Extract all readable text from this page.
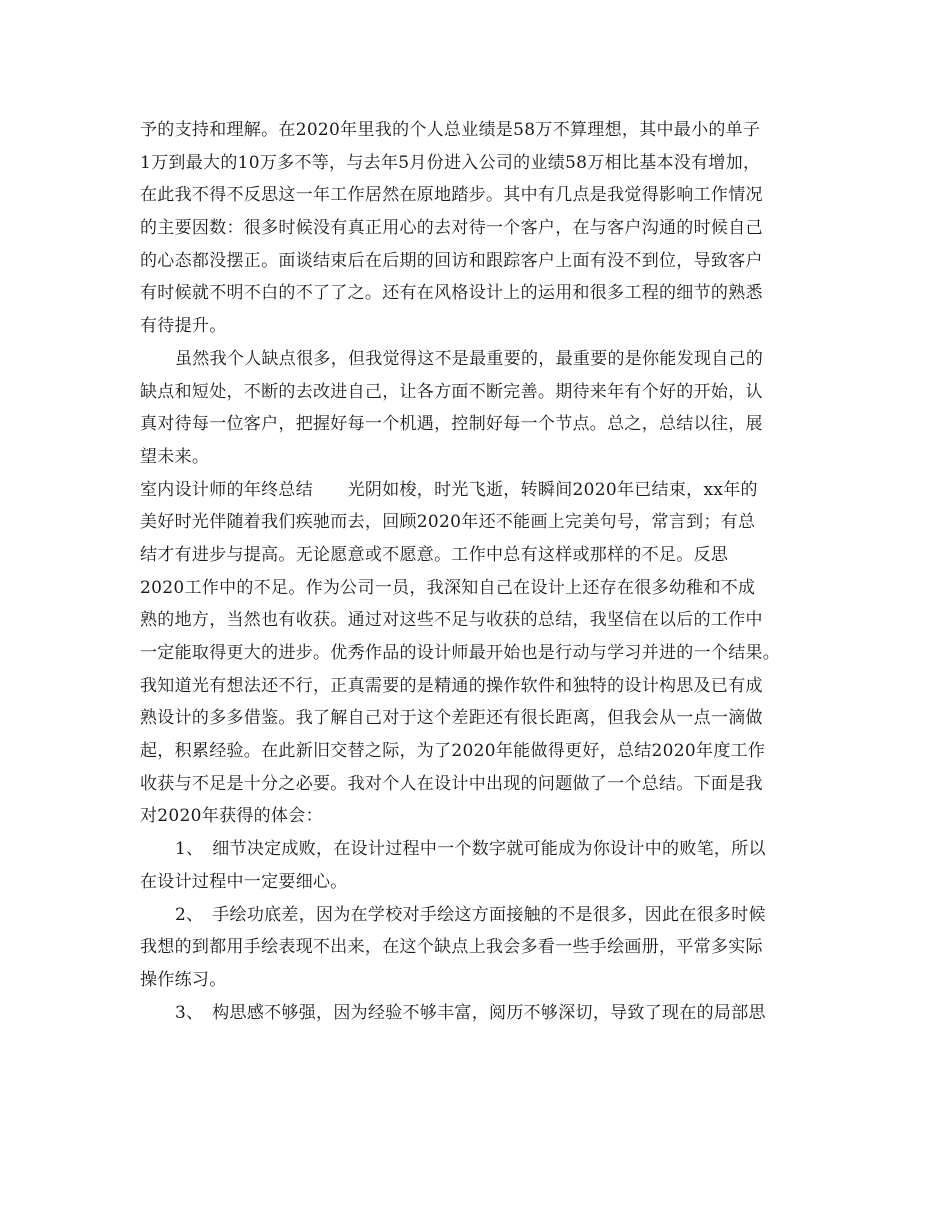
予的支持和理解。在2020年里我的个人总业绩是58万不算理想，其中最小的单子
1万到最大的10万多不等，与去年5月份进入公司的业绩58万相比基本没有增加，
在此我不得不反思这一年工作居然在原地踏步。其中有几点是我觉得影响工作情况
的主要因数：很多时候没有真正用心的去对待一个客户，在与客户沟通的时候自己
的心态都没摆正。面谈结束后在后期的回访和跟踪客户上面有没不到位，导致客户
有时候就不明不白的不了了之。还有在风格设计上的运用和很多工程的细节的熟悉
有待提升。
虽然我个人缺点很多，但我觉得这不是最重要的，最重要的是你能发现自己的
缺点和短处，不断的去改进自己，让各方面不断完善。期待来年有个好的开始，认
真对待每一位客户，把握好每一个机遇，控制好每一个节点。总之，总结以往，展
望未来。
室内设计师的年终总结　　光阴如梭，时光飞逝，转瞬间2020年已结束，xx年的
美好时光伴随着我们疾驰而去，回顾2020年还不能画上完美句号，常言到；有总
结才有进步与提高。无论愿意或不愿意。工作中总有这样或那样的不足。反思
2020工作中的不足。作为公司一员，我深知自己在设计上还存在很多幼稚和不成
熟的地方，当然也有收获。通过对这些不足与收获的总结，我坚信在以后的工作中
一定能取得更大的进步。优秀作品的设计师最开始也是行动与学习并进的一个结果。
我知道光有想法还不行，正真需要的是精通的操作软件和独特的设计构思及已有成
熟设计的多多借鉴。我了解自己对于这个差距还有很长距离，但我会从一点一滴做
起，积累经验。在此新旧交替之际，为了2020年能做得更好，总结2020年度工作
收获与不足是十分之必要。我对个人在设计中出现的问题做了一个总结。下面是我
对2020年获得的体会：
1、　细节决定成败，在设计过程中一个数字就可能成为你设计中的败笔，所以
在设计过程中一定要细心。
2、　手绘功底差，因为在学校对手绘这方面接触的不是很多，因此在很多时候
我想的到都用手绘表现不出来，在这个缺点上我会多看一些手绘画册，平常多实际
操作练习。
3、　构思感不够强，因为经验不够丰富，阅历不够深切，导致了现在的局部思
